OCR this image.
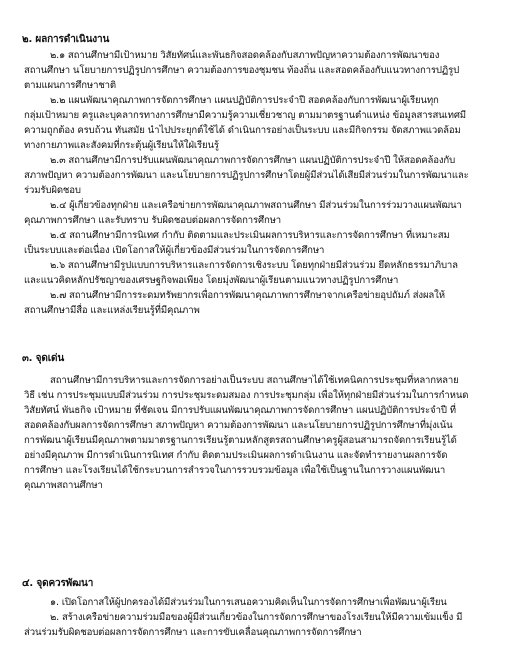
๒. ผลการดำเนินงาน
๒.๑ สถานศึกษามีเป้าหมาย วิสัยทัศน์และพันธกิจสอดคล้องกับสภาพปัญหาความต้องการพัฒนาของ
สถานศึกษา นโยบายการปฏิรูปการศึกษา ความต้องการของชุมชน ท้องถิ่น และสอดคล้องกับแนวทางการปฏิรูป
ตามแผนการศึกษาชาติ
๒.๒ แผนพัฒนาคุณภาพการจัดการศึกษา แผนปฏิบัติการประจำปี สอดคล้องกับการพัฒนาผู้เรียนทุก
กลุ่มเป้าหมาย ครูและบุคลากรทางการศึกษามีความรู้ความเชี่ยวชาญ ตามมาตรฐานตำแหน่ง ข้อมูลสารสนเทศมี
ความถูกต้อง ครบถ้วน ทันสมัย นำไปประยุกต์ใช้ได้ ดำเนินการอย่างเป็นระบบ และมีกิจกรรม จัดสภาพแวดล้อม
ทางกายภาพและสังคมที่กระตุ้นผู้เรียนให้ใฝ่เรียนรู้
๒.๓ สถานศึกษามีการปรับแผนพัฒนาคุณภาพการจัดการศึกษา แผนปฏิบัติการประจำปี ให้สอดคล้องกับ
สภาพปัญหา ความต้องการพัฒนา และนโยบายการปฏิรูปการศึกษาโดยผู้มีส่วนได้เสียมีส่วนร่วมในการพัฒนาและ
ร่วมรับผิดชอบ
๒.๔ ผู้เกี่ยวข้องทุกฝ่าย และเครือข่ายการพัฒนาคุณภาพสถานศึกษา มีส่วนร่วมในการร่วมวางแผนพัฒนา
คุณภาพการศึกษา และรับทราบ รับผิดชอบต่อผลการจัดการศึกษา
๒.๕ สถานศึกษามีการนิเทศ กำกับ ติดตามและประเมินผลการบริหารและการจัดการศึกษา ที่เหมาะสม
เป็นระบบและต่อเนื่อง เปิดโอกาสให้ผู้เกี่ยวข้องมีส่วนร่วมในการจัดการศึกษา
๒.๖ สถานศึกษามีรูปแบบการบริหารและการจัดการเชิงระบบ โดยทุกฝ่ายมีส่วนร่วม ยึดหลักธรรมาภิบาล
และแนวคิดหลักปรัชญาของเศรษฐกิจพอเพียง โดยมุ่งพัฒนาผู้เรียนตามแนวทางปฏิรูปการศึกษา
๒.๗ สถานศึกษามีการระดมทรัพยากรเพื่อการพัฒนาคุณภาพการศึกษาจากเครือข่ายอุปถัมภ์ ส่งผลให้
สถานศึกษามีสื่อ และแหล่งเรียนรู้ที่มีคุณภาพ
๓. จุดเด่น
สถานศึกษามีการบริหารและการจัดการอย่างเป็นระบบ สถานศึกษาได้ใช้เทคนิคการประชุมที่หลากหลาย
วิธี เช่น การประชุมแบบมีส่วนร่วม การประชุมระดมสมอง การประชุมกลุ่ม เพื่อให้ทุกฝ่ายมีส่วนร่วมในการกำหนด
วิสัยทัศน์ พันธกิจ เป้าหมาย ที่ชัดเจน มีการปรับแผนพัฒนาคุณภาพการจัดการศึกษา แผนปฏิบัติการประจำปี ที่
สอดคล้องกับผลการจัดการศึกษา สภาพปัญหา ความต้องการพัฒนา และนโยบายการปฏิรูปการศึกษาที่มุ่งเน้น
การพัฒนาผู้เรียนมีคุณภาพตามมาตรฐานการเรียนรู้ตามหลักสูตรสถานศึกษาครูผู้สอนสามารถจัดการเรียนรู้ได้
อย่างมีคุณภาพ มีการดำเนินการนิเทศ กำกับ ติดตามประเมินผลการดำเนินงาน และจัดทำรายงานผลการจัด
การศึกษา และโรงเรียนได้ใช้กระบวนการสำรวจในการรวบรวมข้อมูล เพื่อใช้เป็นฐานในการวางแผนพัฒนา
คุณภาพสถานศึกษา
๔. จุดควรพัฒนา
๑. เปิดโอกาสให้ผู้ปกครองได้มีส่วนร่วมในการเสนอความคิดเห็นในการจัดการศึกษาเพื่อพัฒนาผู้เรียน
๒. สร้างเครือข่ายความร่วมมือของผู้มีส่วนเกี่ยวข้องในการจัดการศึกษาของโรงเรียนให้มีความเข้มแข็ง มี
ส่วนร่วมรับผิดชอบต่อผลการจัดการศึกษา และการขับเคลื่อนคุณภาพการจัดการศึกษา
